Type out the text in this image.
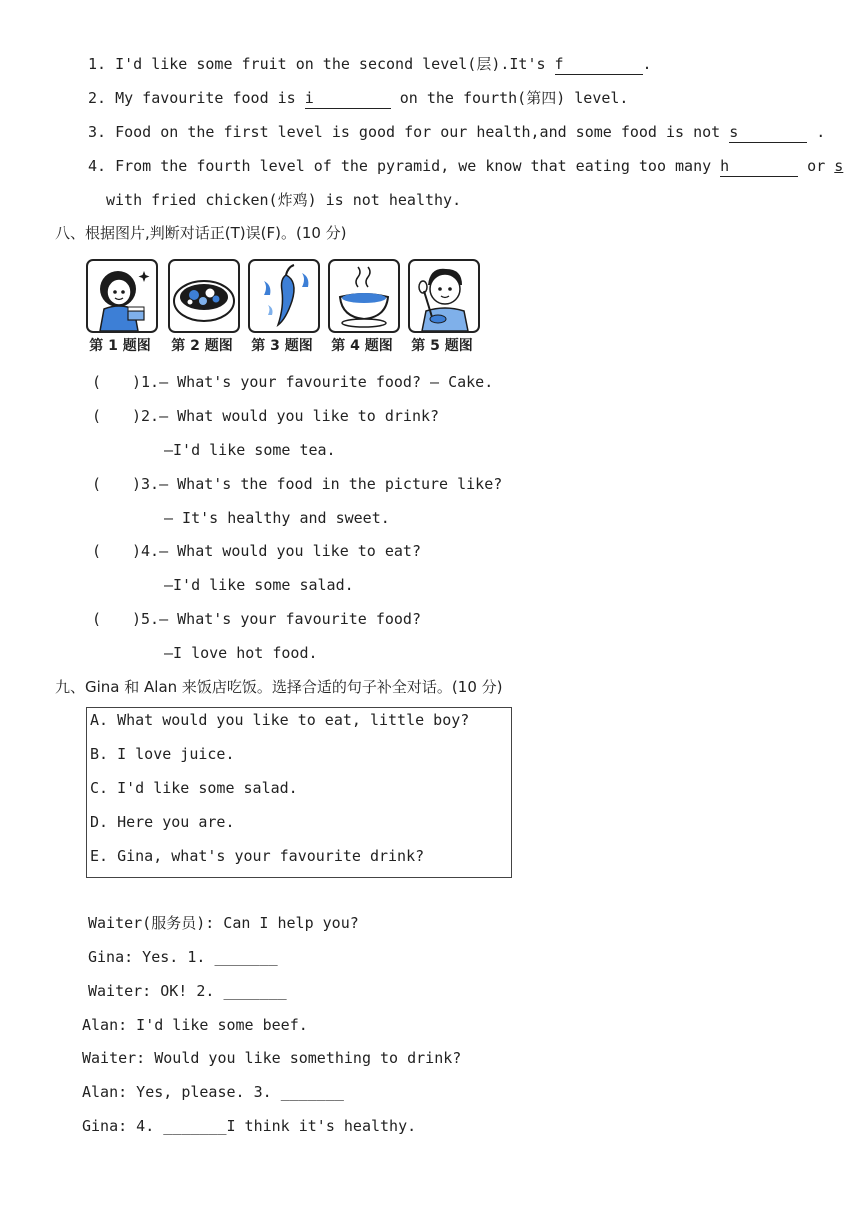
1. I'd like some fruit on the second level(层).It's f	.
2. My favourite food is i	on the fourth(第四) level.
3. Food on the first level is good for our health,and some food is not s	.
4. From the fourth level of the pyramid, we know that eating too many h	or s
with fried chicken(炸鸡) is not healthy.
八、根据图片,判断对话正(T)误(F)。(10 分)
第 1 题图	第 2 题图	第 3 题图	第 4 题图	第 5 题图
( )1.— What's your favourite food? — Cake.
( )2.— What would you like to drink?
—I'd like some tea.
( )3.— What's the food in the picture like?
— It's healthy and sweet.
( )4.— What would you like to eat?
—I'd like some salad.
( )5.— What's your favourite food?
—I love hot food.
九、Gina 和 Alan 来饭店吃饭。选择合适的句子补全对话。(10 分)
A. What would you like to eat, little boy?
B. I love juice.
C. I'd like some salad.
D. Here you are.
E. Gina, what's your favourite drink?
Waiter(服务员): Can I help you?
Gina: Yes. 1. _______
Waiter: OK! 2. _______
Alan: I'd like some beef.
Waiter: Would you like something to drink?
Alan: Yes, please. 3. _______
Gina: 4. _______I think it's healthy.
